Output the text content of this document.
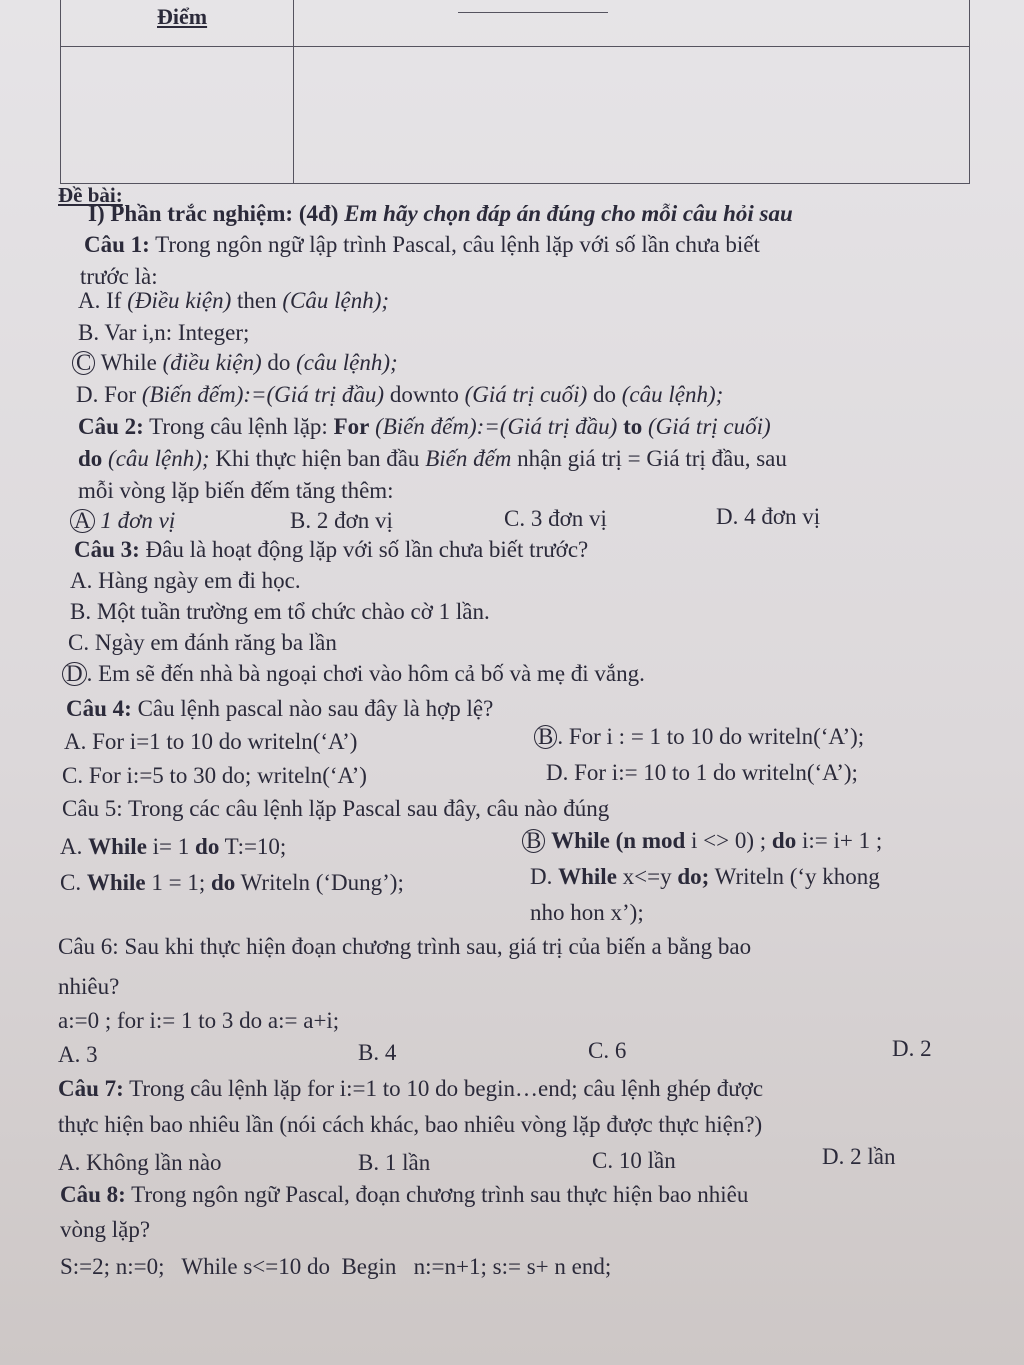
Điểm
Đề bài:
I) Phần trắc nghiệm: (4đ) Em hãy chọn đáp án đúng cho mỗi câu hỏi sau
Câu 1: Trong ngôn ngữ lập trình Pascal, câu lệnh lặp với số lần chưa biết
trước là:
A. If (Điều kiện) then (Câu lệnh);
B. Var i,n: Integer;
C While (điều kiện) do (câu lệnh);
D. For (Biến đếm):=(Giá trị đầu) downto (Giá trị cuối) do (câu lệnh);
Câu 2: Trong câu lệnh lặp: For (Biến đếm):=(Giá trị đầu) to (Giá trị cuối)
do (câu lệnh); Khi thực hiện ban đầu Biến đếm nhận giá trị = Giá trị đầu, sau
mỗi vòng lặp biến đếm tăng thêm:
A 1 đơn vị	B. 2 đơn vị	C. 3 đơn vị	D. 4 đơn vị
Câu 3: Đâu là hoạt động lặp với số lần chưa biết trước?
A. Hàng ngày em đi học.
B. Một tuần trường em tổ chức chào cờ 1 lần.
C. Ngày em đánh răng ba lần
D . Em sẽ đến nhà bà ngoại chơi vào hôm cả bố và mẹ đi vắng.
Câu 4: Câu lệnh pascal nào sau đây là hợp lệ?
A. For i=1 to 10 do writeln(‘A’)	B . For i : = 1 to 10 do writeln(‘A’);
C. For i:=5 to 30 do; writeln(‘A’)	D. For i:= 10 to 1 do writeln(‘A’);
Câu 5: Trong các câu lệnh lặp Pascal sau đây, câu nào đúng
A. While i= 1 do T:=10;	B While (n mod i <> 0) ; do i:= i+ 1 ;
C. While 1 = 1; do Writeln (‘Dung’);	D. While x<=y do; Writeln (‘y khong
nho hon x’);
Câu 6: Sau khi thực hiện đoạn chương trình sau, giá trị của biến a bằng bao
nhiêu?
a:=0 ; for i:= 1 to 3 do a:= a+i;
A. 3	B. 4	C. 6	D. 2
Câu 7: Trong câu lệnh lặp for i:=1 to 10 do begin…end; câu lệnh ghép được
thực hiện bao nhiêu lần (nói cách khác, bao nhiêu vòng lặp được thực hiện?)
A. Không lần nào	B. 1 lần	C. 10 lần	D. 2 lần
Câu 8: Trong ngôn ngữ Pascal, đoạn chương trình sau thực hiện bao nhiêu
vòng lặp?
S:=2; n:=0;   While s<=10 do  Begin   n:=n+1; s:= s+ n end;
